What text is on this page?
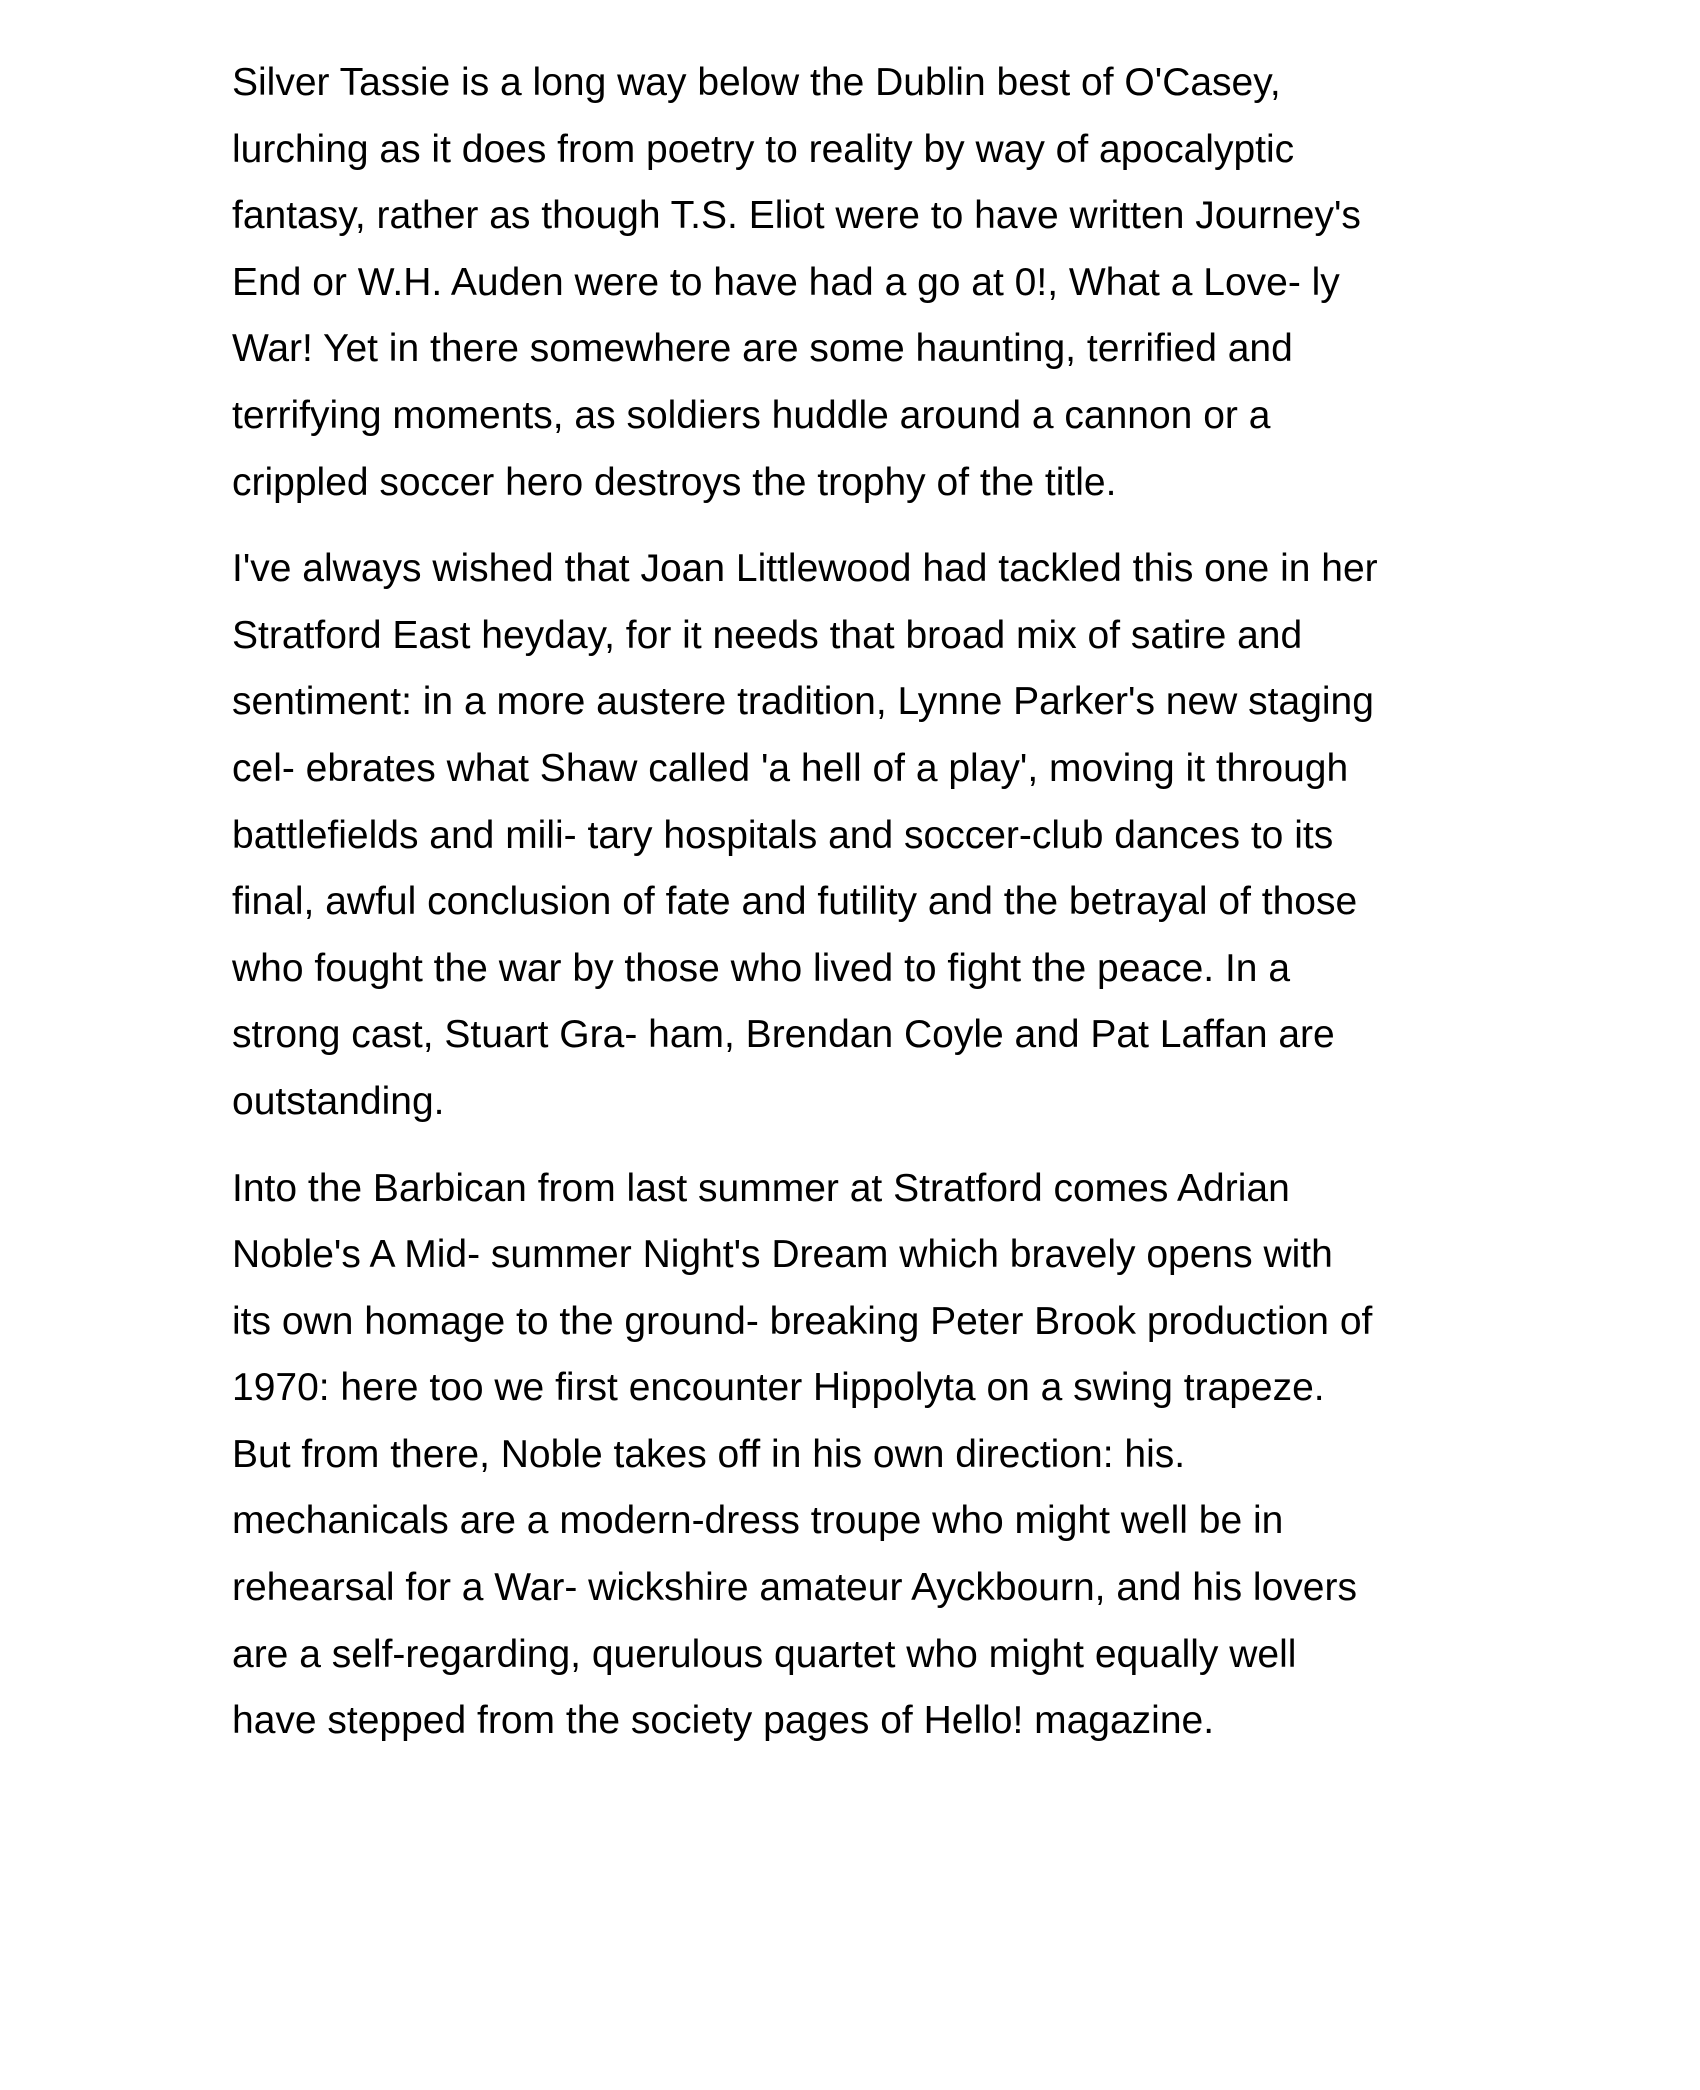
Silver Tassie is a long way below the Dublin best of O'Casey,
lurching as it does from poetry to reality by way of apocalyptic
fantasy, rather as though T.S. Eliot were to have written Journey's
End or W.H. Auden were to have had a go at 0!, What a Love- ly
War! Yet in there somewhere are some haunting, terrified and
terrifying moments, as soldiers huddle around a cannon or a
crippled soccer hero destroys the trophy of the title.

I've always wished that Joan Littlewood had tackled this one in her
Stratford East heyday, for it needs that broad mix of satire and
sentiment: in a more austere tradition, Lynne Parker's new staging
cel- ebrates what Shaw called 'a hell of a play', moving it through
battlefields and mili- tary hospitals and soccer-club dances to its
final, awful conclusion of fate and futility and the betrayal of those
who fought the war by those who lived to fight the peace. In a
strong cast, Stuart Gra- ham, Brendan Coyle and Pat Laffan are
outstanding.

Into the Barbican from last summer at Stratford comes Adrian
Noble's A Mid- summer Night's Dream which bravely opens with
its own homage to the ground- breaking Peter Brook production of
1970: here too we first encounter Hippolyta on a swing trapeze.
But from there, Noble takes off in his own direction: his.
mechanicals are a modern-dress troupe who might well be in
rehearsal for a War- wickshire amateur Ayckbourn, and his lovers
are a self-regarding, querulous quartet who might equally well
have stepped from the society pages of Hello! magazine.
